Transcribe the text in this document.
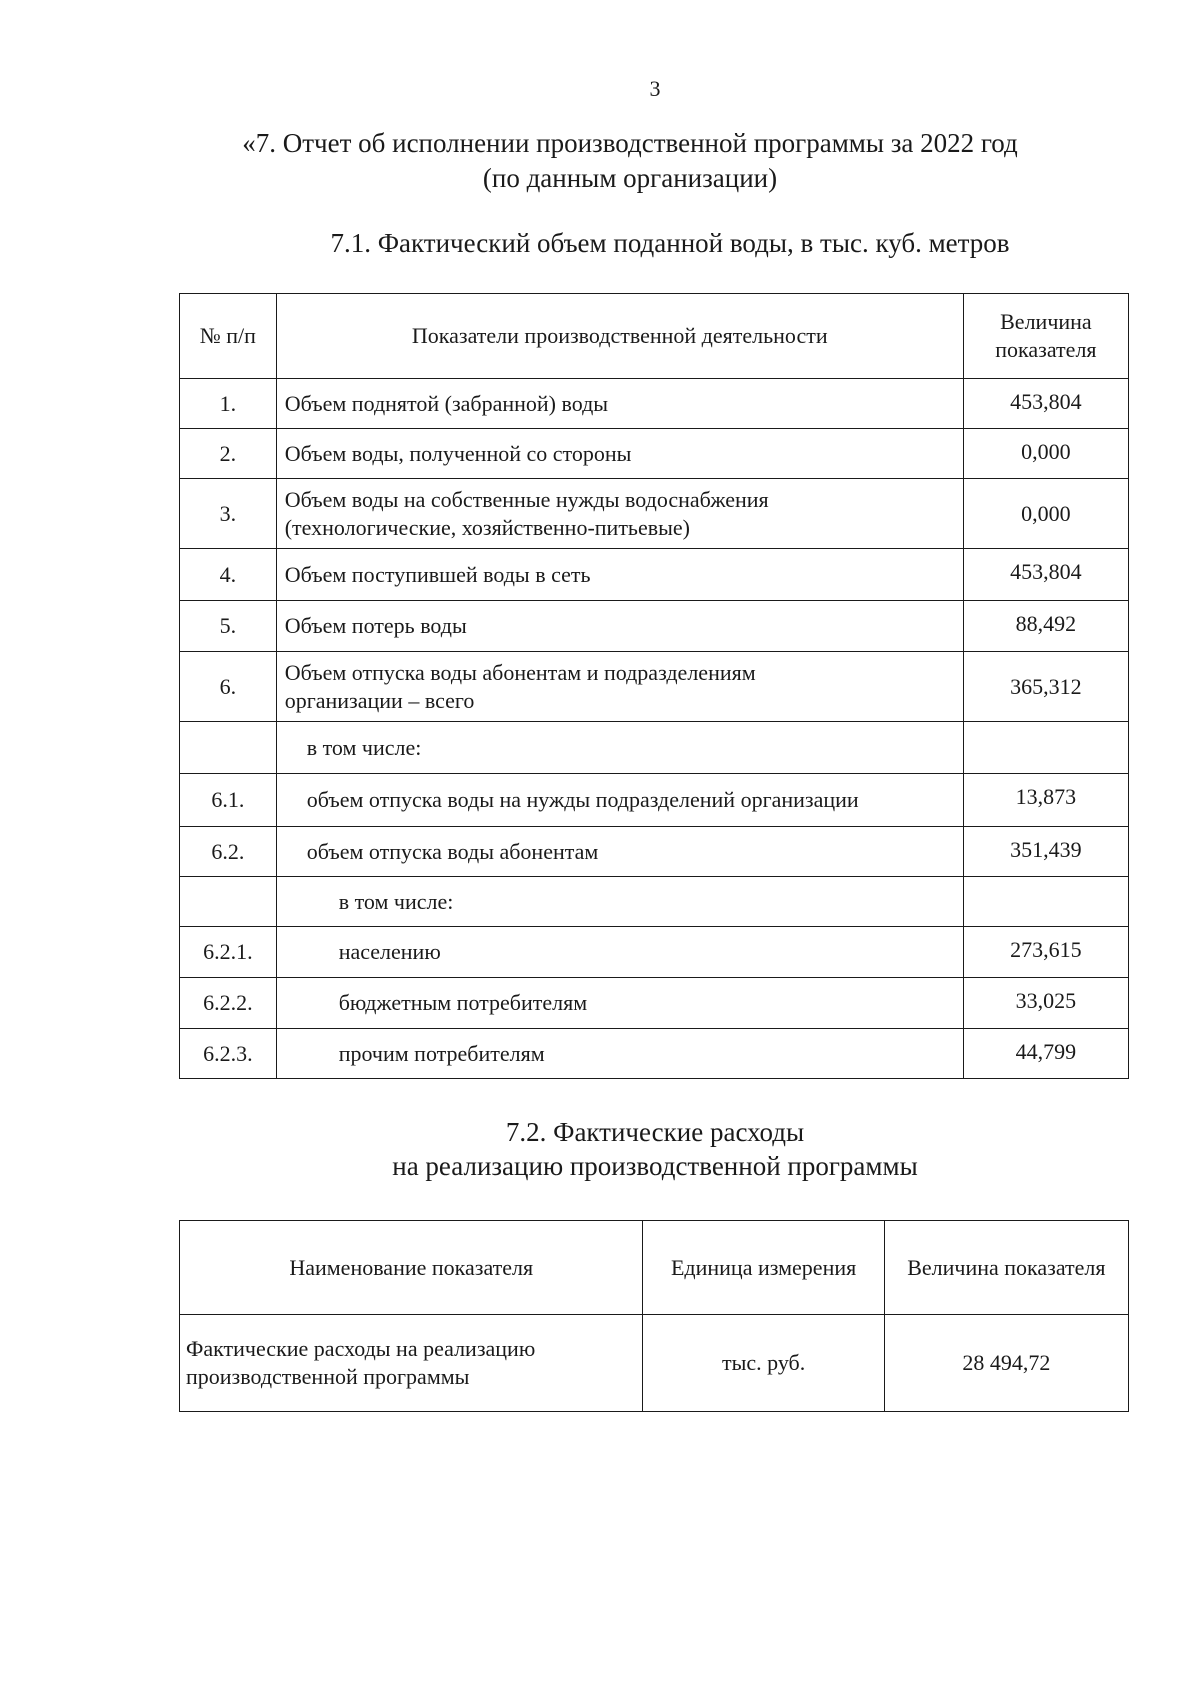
3
«7. Отчет об исполнении производственной программы за 2022 год
(по данным организации)
7.1. Фактический объем поданной воды, в тыс. куб. метров
№ п/п	Показатели производственной деятельности	Величина
показателя

1.	Объем поднятой (забранной) воды	453,804
2.	Объем воды, полученной со стороны	0,000
3.	Объем воды на собственные нужды водоснабжения
(технологические, хозяйственно-питьевые)	0,000
4.	Объем поступившей воды в сеть	453,804
5.	Объем потерь воды	88,492
6.	Объем отпуска воды абонентам и подразделениям
организации – всего	365,312
	в том числе:	
6.1.	объем отпуска воды на нужды подразделений организации	13,873
6.2.	объем отпуска воды абонентам	351,439
	в том числе:	
6.2.1.	населению	273,615
6.2.2.	бюджетным потребителям	33,025
6.2.3.	прочим потребителям	44,799
7.2. Фактические расходы
на реализацию производственной программы
Наименование показателя	Единица измерения	Величина показателя

Фактические расходы на реализацию
производственной программы	тыс. руб.	28 494,72
